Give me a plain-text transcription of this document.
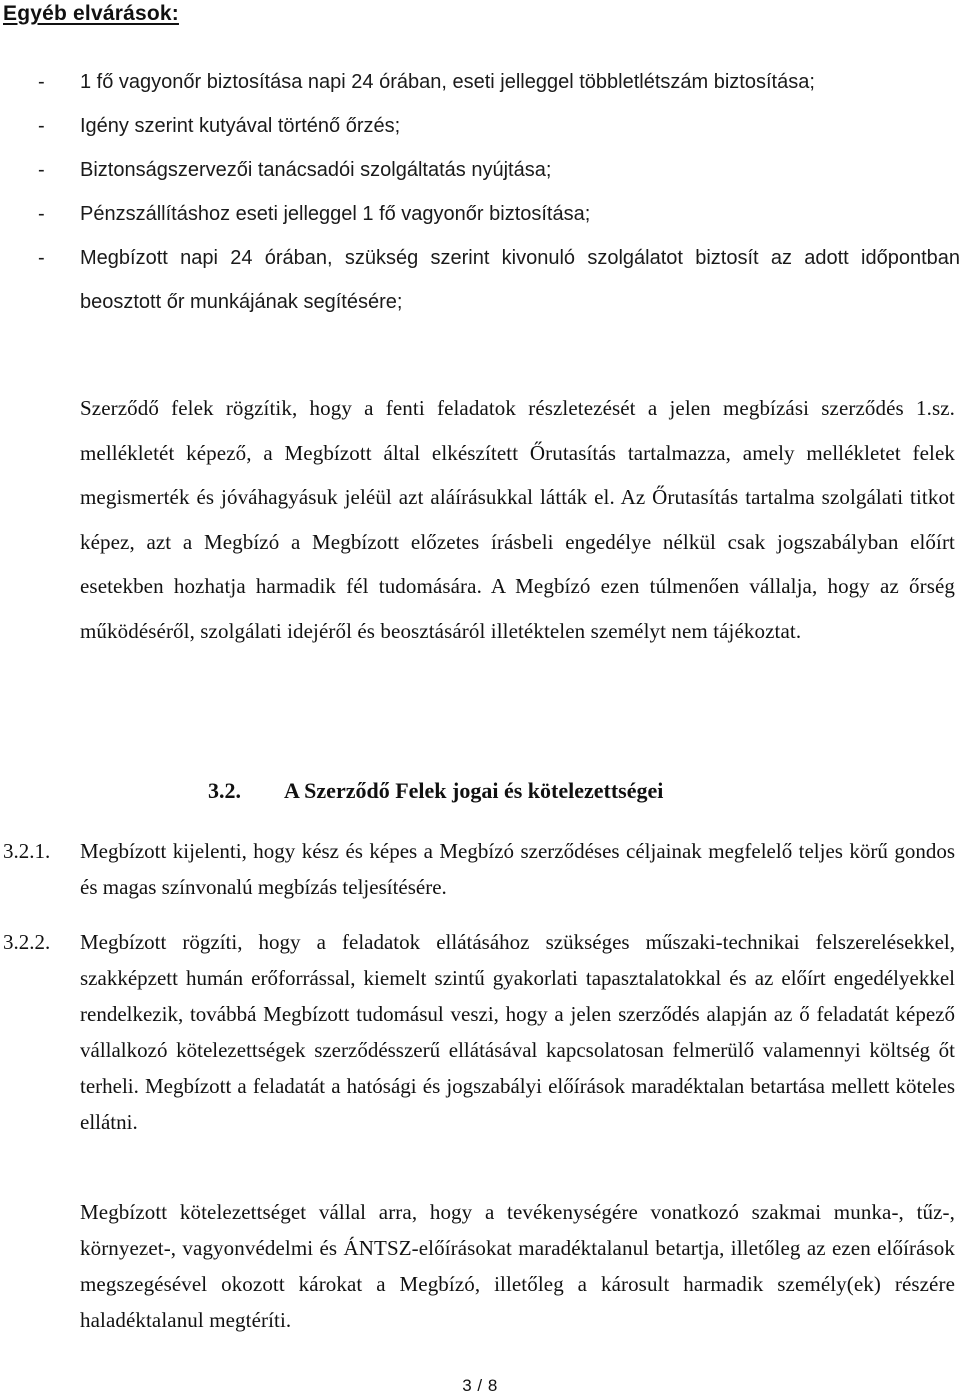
Egyéb elvárások:
- 1 fő vagyonőr biztosítása napi 24 órában, eseti jelleggel többletlétszám biztosítása;
- Igény szerint kutyával történő őrzés;
- Biztonságszervezői tanácsadói szolgáltatás nyújtása;
- Pénzszállításhoz eseti jelleggel 1 fő vagyonőr biztosítása;
- Megbízott napi 24 órában, szükség szerint kivonuló szolgálatot biztosít az adott időpontban beosztott őr munkájának segítésére;
Szerződő felek rögzítik, hogy a fenti feladatok részletezését a jelen megbízási szerződés 1.sz. mellékletét képező, a Megbízott által elkészített Őrutasítás tartalmazza, amely mellékletet felek megismerték és jóváhagyásuk jeléül azt aláírásukkal látták el. Az Őrutasítás tartalma szolgálati titkot képez, azt a Megbízó a Megbízott előzetes írásbeli engedélye nélkül csak jogszabályban előírt esetekben hozhatja harmadik fél tudomására. A Megbízó ezen túlmenően vállalja, hogy az őrség működéséről, szolgálati idejéről és beosztásáról illetéktelen személyt nem tájékoztat.
3.2. A Szerződő Felek jogai és kötelezettségei
3.2.1. Megbízott kijelenti, hogy kész és képes a Megbízó szerződéses céljainak megfelelő teljes körű gondos és magas színvonalú megbízás teljesítésére.
3.2.2. Megbízott rögzíti, hogy a feladatok ellátásához szükséges műszaki-technikai felszerelésekkel, szakképzett humán erőforrással, kiemelt szintű gyakorlati tapasztalatokkal és az előírt engedélyekkel rendelkezik, továbbá Megbízott tudomásul veszi, hogy a jelen szerződés alapján az ő feladatát képező vállalkozó kötelezettségek szerződésszerű ellátásával kapcsolatosan felmerülő valamennyi költség őt terheli. Megbízott a feladatát a hatósági és jogszabályi előírások maradéktalan betartása mellett köteles ellátni.
Megbízott kötelezettséget vállal arra, hogy a tevékenységére vonatkozó szakmai munka-, tűz-, környezet-, vagyonvédelmi és ÁNTSZ-előírásokat maradéktalanul betartja, illetőleg az ezen előírások megszegésével okozott károkat a Megbízó, illetőleg a károsult harmadik személy(ek) részére haladéktalanul megtéríti.
3 / 8
